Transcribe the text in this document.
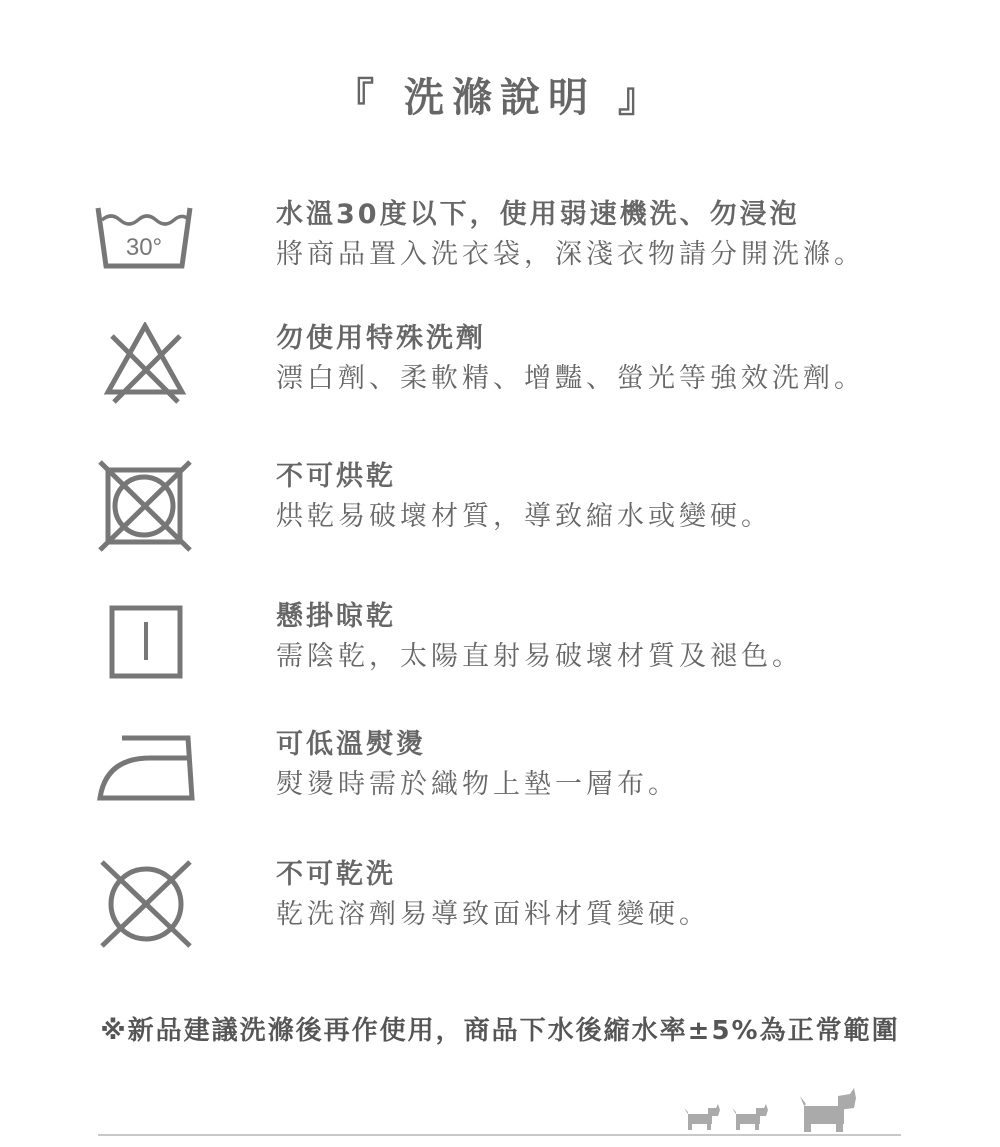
『 洗滌說明 』
30°
水溫30度以下，使用弱速機洗、勿浸泡
將商品置入洗衣袋，深淺衣物請分開洗滌。
勿使用特殊洗劑
漂白劑、柔軟精、增豔、螢光等強效洗劑。
不可烘乾
烘乾易破壞材質，導致縮水或變硬。
懸掛晾乾
需陰乾，太陽直射易破壞材質及褪色。
可低溫熨燙
熨燙時需於織物上墊一層布。
不可乾洗
乾洗溶劑易導致面料材質變硬。
※新品建議洗滌後再作使用，商品下水後縮水率±5%為正常範圍
